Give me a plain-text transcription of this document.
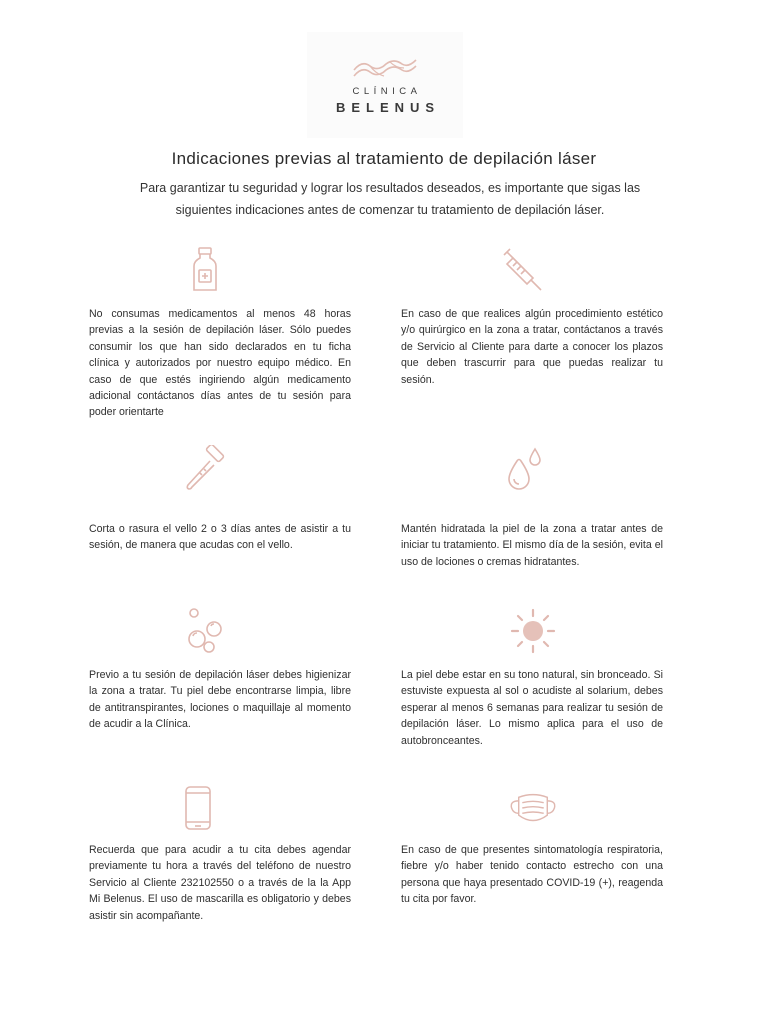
CLÍNICA
BELENUS
Indicaciones previas al tratamiento de depilación láser
Para garantizar tu seguridad y lograr los resultados deseados, es importante que sigas las siguientes indicaciones antes de comenzar tu tratamiento de depilación láser.
No consumas medicamentos al menos 48 horas previas a la sesión de depilación láser. Sólo puedes consumir los que han sido declarados en tu ficha clínica y autorizados por nuestro equipo médico. En caso de que estés ingiriendo algún medicamento adicional contáctanos días antes de tu sesión para poder orientarte
En caso de que realices algún procedimiento estético y/o quirúrgico en la zona a tratar, contáctanos a través de Servicio al Cliente para darte a conocer los plazos que deben trascurrir para que puedas realizar tu sesión.
Corta o rasura el vello 2 o 3 días antes de asistir a tu sesión, de manera que acudas con el vello.
Mantén hidratada la piel de la zona a tratar antes de iniciar tu tratamiento. El mismo día de la sesión, evita el uso de lociones o cremas hidratantes.
Previo a tu sesión de depilación láser debes higienizar la zona a tratar. Tu piel debe encontrarse limpia, libre de antitranspirantes, lociones o maquillaje al momento de acudir a la Clínica.
La piel debe estar en su tono natural, sin bronceado. Si estuviste expuesta al sol o acudiste al solarium, debes esperar al menos 6 semanas para realizar tu sesión de depilación láser. Lo mismo aplica para el uso de autobronceantes.
Recuerda que para acudir a tu cita debes agendar previamente tu hora a través del teléfono de nuestro Servicio al Cliente 232102550 o a través de la la App Mi Belenus. El uso de mascarilla es obligatorio y debes asistir sin acompañante.
En caso de que presentes sintomatología respiratoria, fiebre y/o haber tenido contacto estrecho con una persona que haya presentado COVID-19 (+), reagenda tu cita por favor.
